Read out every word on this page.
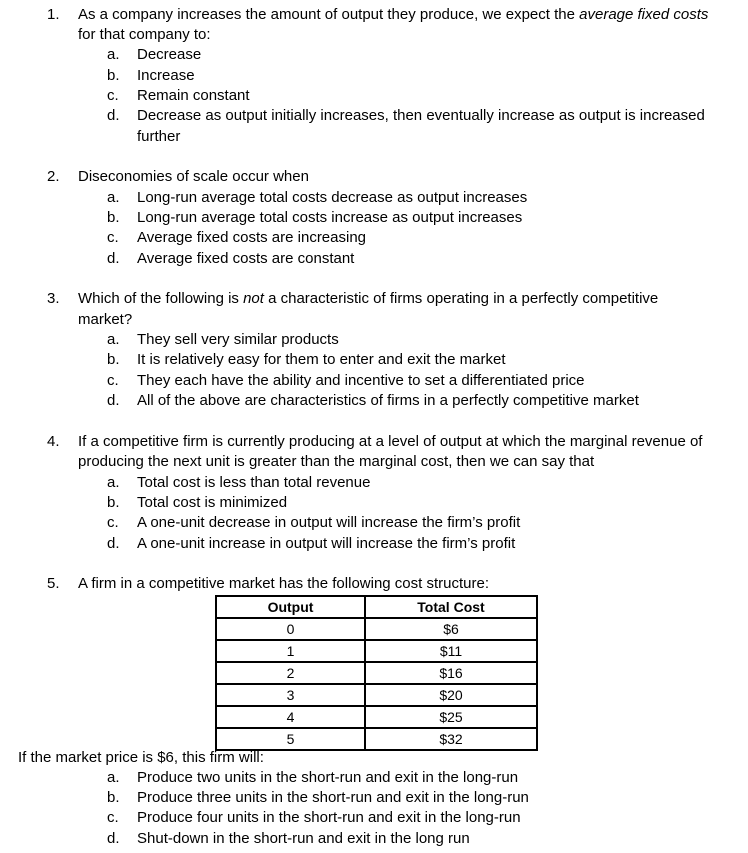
1. As a company increases the amount of output they produce, we expect the average fixed costs
for that company to:
a. Decrease
b. Increase
c. Remain constant
d. Decrease as output initially increases, then eventually increase as output is increased
further
2. Diseconomies of scale occur when
a. Long-run average total costs decrease as output increases
b. Long-run average total costs increase as output increases
c. Average fixed costs are increasing
d. Average fixed costs are constant
3. Which of the following is not a characteristic of firms operating in a perfectly competitive
market?
a. They sell very similar products
b. It is relatively easy for them to enter and exit the market
c. They each have the ability and incentive to set a differentiated price
d. All of the above are characteristics of firms in a perfectly competitive market
4. If a competitive firm is currently producing at a level of output at which the marginal revenue of
producing the next unit is greater than the marginal cost, then we can say that
a. Total cost is less than total revenue
b. Total cost is minimized
c. A one-unit decrease in output will increase the firm’s profit
d. A one-unit increase in output will increase the firm’s profit
5. A firm in a competitive market has the following cost structure:
Output	Total Cost
0	$6
1	$11
2	$16
3	$20
4	$25
5	$32
If the market price is $6, this firm will:
a. Produce two units in the short-run and exit in the long-run
b. Produce three units in the short-run and exit in the long-run
c. Produce four units in the short-run and exit in the long-run
d. Shut-down in the short-run and exit in the long run
